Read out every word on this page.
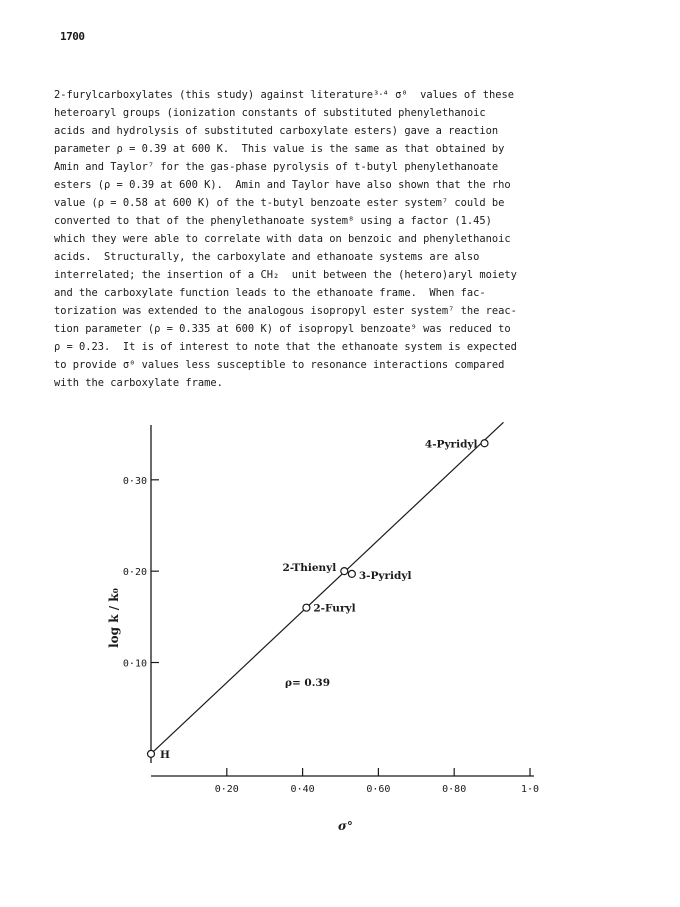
1700
2-furylcarboxylates (this study) against literature³‧⁴ σ⁰  values of these
heteroaryl groups (ionization constants of substituted phenylethanoic
acids and hydrolysis of substituted carboxylate esters) gave a reaction
parameter ρ = 0.39 at 600 K.  This value is the same as that obtained by
Amin and Taylor⁷ for the gas-phase pyrolysis of t-butyl phenylethanoate
esters (ρ = 0.39 at 600 K).  Amin and Taylor have also shown that the rho
value (ρ = 0.58 at 600 K) of the t-butyl benzoate ester system⁷ could be
converted to that of the phenylethanoate system⁸ using a factor (1.45)
which they were able to correlate with data on benzoic and phenylethanoic
acids.  Structurally, the carboxylate and ethanoate systems are also
interrelated; the insertion of a CH₂  unit between the (hetero)aryl moiety
and the carboxylate function leads to the ethanoate frame.  When fac-
torization was extended to the analogous isopropyl ester system⁷ the reac-
tion parameter (ρ = 0.335 at 600 K) of isopropyl benzoate⁹ was reduced to
ρ = 0.23.  It is of interest to note that the ethanoate system is expected
to provide σ⁰ values less susceptible to resonance interactions compared
with the carboxylate frame.
0·10
0·20
0·30
0·20	0·40	0·60	0·80	1·0
H
2-Furyl
2-Thienyl
3-Pyridyl
4-Pyridyl
ρ= 0.39
σ°
log k / k₀
